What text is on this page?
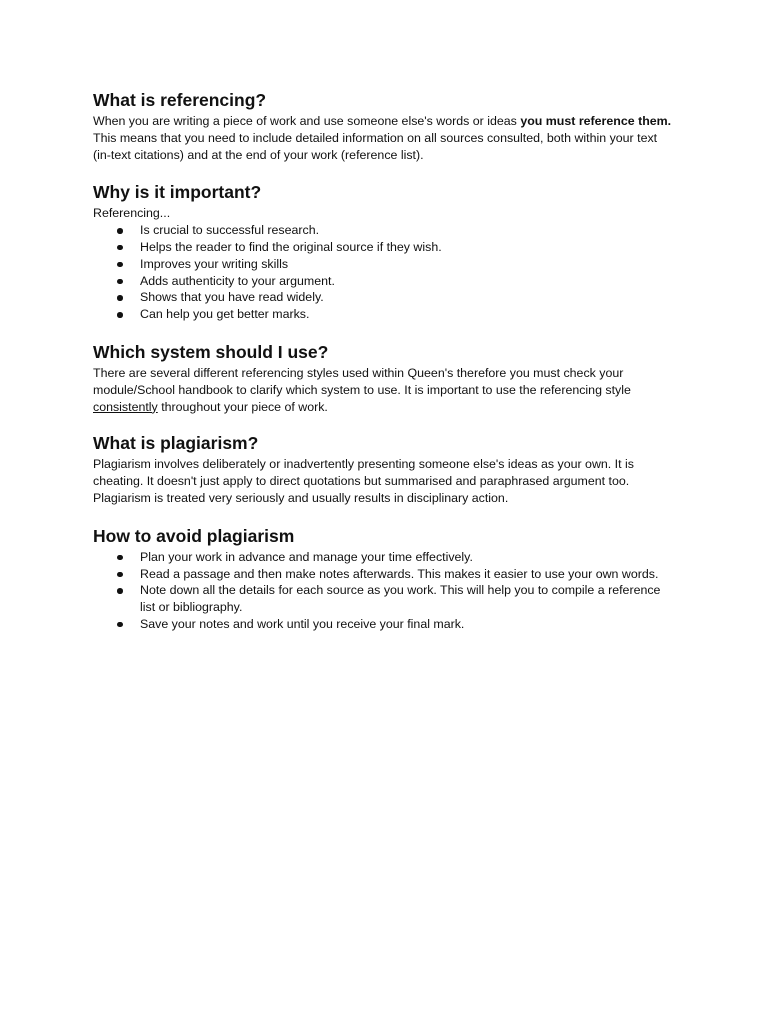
What is referencing?

When you are writing a piece of work and use someone else's words or ideas you must reference them. This means that you need to include detailed information on all sources consulted, both within your text (in-text citations) and at the end of your work (reference list).

Why is it important?

Referencing...

Is crucial to successful research.
Helps the reader to find the original source if they wish.
Improves your writing skills
Adds authenticity to your argument.
Shows that you have read widely.
Can help you get better marks.
Which system should I use?

There are several different referencing styles used within Queen's therefore you must check your module/School handbook to clarify which system to use. It is important to use the referencing style consistently throughout your piece of work.

What is plagiarism?

Plagiarism involves deliberately or inadvertently presenting someone else's ideas as your own. It is cheating. It doesn't just apply to direct quotations but summarised and paraphrased argument too. Plagiarism is treated very seriously and usually results in disciplinary action.

How to avoid plagiarism
Plan your work in advance and manage your time effectively.
Read a passage and then make notes afterwards. This makes it easier to use your own words.
Note down all the details for each source as you work. This will help you to compile a reference list or bibliography.
Save your notes and work until you receive your final mark.
